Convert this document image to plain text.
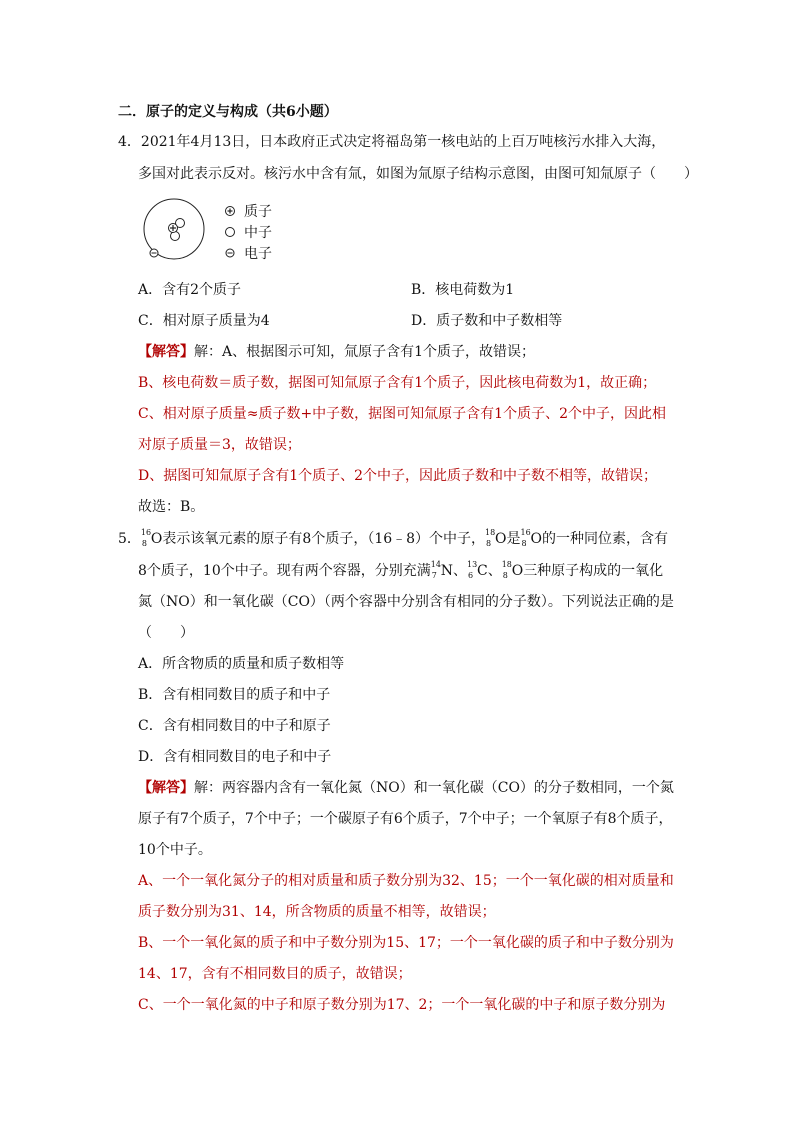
二．原子的定义与构成（共6小题）
4．2021年4月13日，日本政府正式决定将福岛第一核电站的上百万吨核污水排入大海，
多国对此表示反对。核污水中含有氚，如图为氚原子结构示意图，由图可知氚原子（　　）
质子
中子
电子
A．含有2个质子	B．核电荷数为1
C．相对原子质量为4	D．质子数和中子数相等
【解答】解：A、根据图示可知，氚原子含有1个质子，故错误；
B、核电荷数＝质子数，据图可知氚原子含有1个质子，因此核电荷数为1，故正确；
C、相对原子质量≈质子数+中子数，据图可知氚原子含有1个质子、2个中子，因此相
对原子质量＝3，故错误；
D、据图可知氚原子含有1个质子、2个中子，因此质子数和中子数不相等，故错误；
故选：B。
5． 16
8 O表示该氧元素的原子有8个质子，（16﹣8）个中子， 18
8 O是 16
8 O的一种同位素，含有
8个质子，10个中子。现有两个容器，分别充满 14
7 N、 13
6 C、 18
8 O三种原子构成的一氧化
氮（NO）和一氧化碳（CO）（两个容器中分别含有相同的分子数）。下列说法正确的是
（　　）
A．所含物质的质量和质子数相等
B．含有相同数目的质子和中子
C．含有相同数目的中子和原子
D．含有相同数目的电子和中子
【解答】解：两容器内含有一氧化氮（NO）和一氧化碳（CO）的分子数相同，一个氮
原子有7个质子，7个中子；一个碳原子有6个质子，7个中子；一个氧原子有8个质子，
10个中子。
A、一个一氧化氮分子的相对质量和质子数分别为32、15；一个一氧化碳的相对质量和
质子数分别为31、14，所含物质的质量不相等，故错误；
B、一个一氧化氮的质子和中子数分别为15、17；一个一氧化碳的质子和中子数分别为
14、17，含有不相同数目的质子，故错误；
C、一个一氧化氮的中子和原子数分别为17、2；一个一氧化碳的中子和原子数分别为
